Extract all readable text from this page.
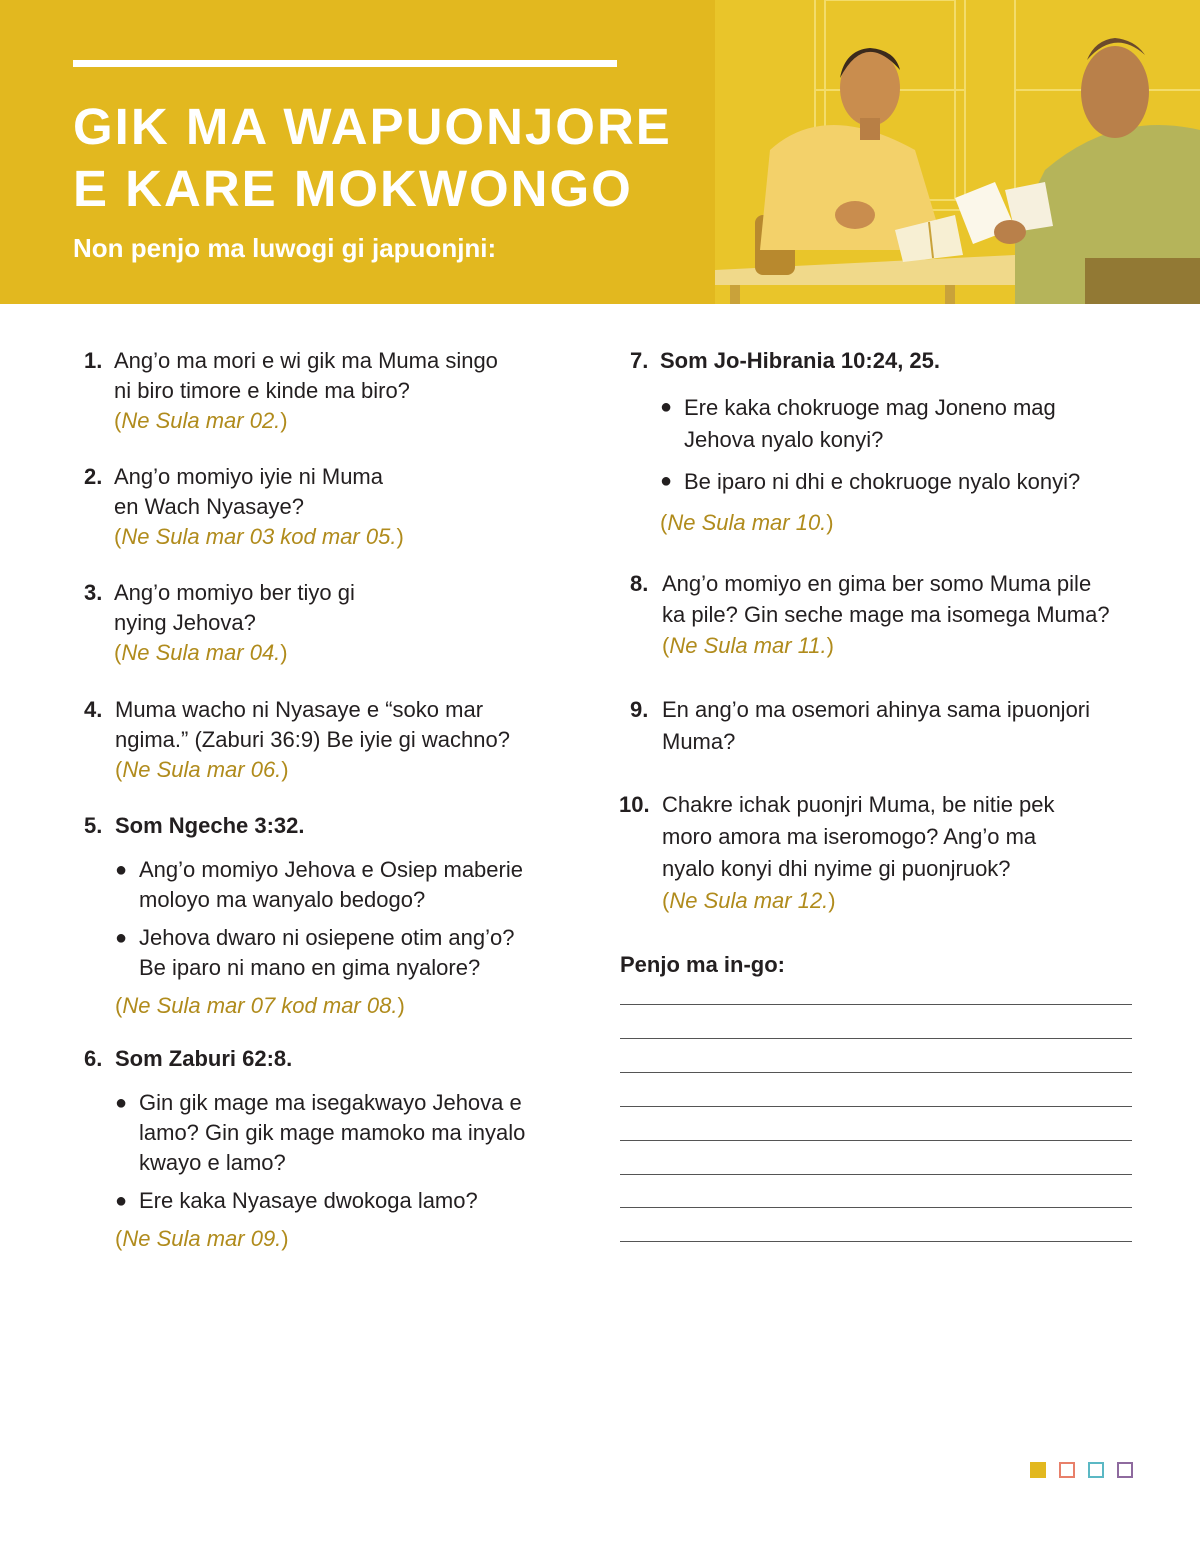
GIK MA WAPUONJORE
E KARE MOKWONGO

Non penjo ma luwogi gi japuonjni:

1. Ang’o ma mori e wi gik ma Muma singo
ni biro timore e kinde ma biro?
(Ne Sula mar 02.)
2. Ang’o momiyo iyie ni Muma
en Wach Nyasaye?
(Ne Sula mar 03 kod mar 05.)
3. Ang’o momiyo ber tiyo gi
nying Jehova?
(Ne Sula mar 04.)
4. Muma wacho ni Nyasaye e “soko mar
ngima.” (Zaburi 36:9) Be iyie gi wachno?
(Ne Sula mar 06.)
5. Som Ngeche 3:32.
● Ang’o momiyo Jehova e Osiep maberie
moloyo ma wanyalo bedogo?
● Jehova dwaro ni osiepene otim ang’o?
Be iparo ni mano en gima nyalore?
(Ne Sula mar 07 kod mar 08.)
6. Som Zaburi 62:8.
● Gin gik mage ma isegakwayo Jehova e
lamo? Gin gik mage mamoko ma inyalo
kwayo e lamo?
● Ere kaka Nyasaye dwokoga lamo?
(Ne Sula mar 09.)
7. Som Jo-Hibrania 10:24, 25.
● Ere kaka chokruoge mag Joneno mag
Jehova nyalo konyi?
● Be iparo ni dhi e chokruoge nyalo konyi?
(Ne Sula mar 10.)
8. Ang’o momiyo en gima ber somo Muma pile
ka pile? Gin seche mage ma isomega Muma?
(Ne Sula mar 11.)
9. En ang’o ma osemori ahinya sama ipuonjori
Muma?
10. Chakre ichak puonjri Muma, be nitie pek
moro amora ma iseromogo? Ang’o ma
nyalo konyi dhi nyime gi puonjruok?
(Ne Sula mar 12.)

Penjo ma in-go:
